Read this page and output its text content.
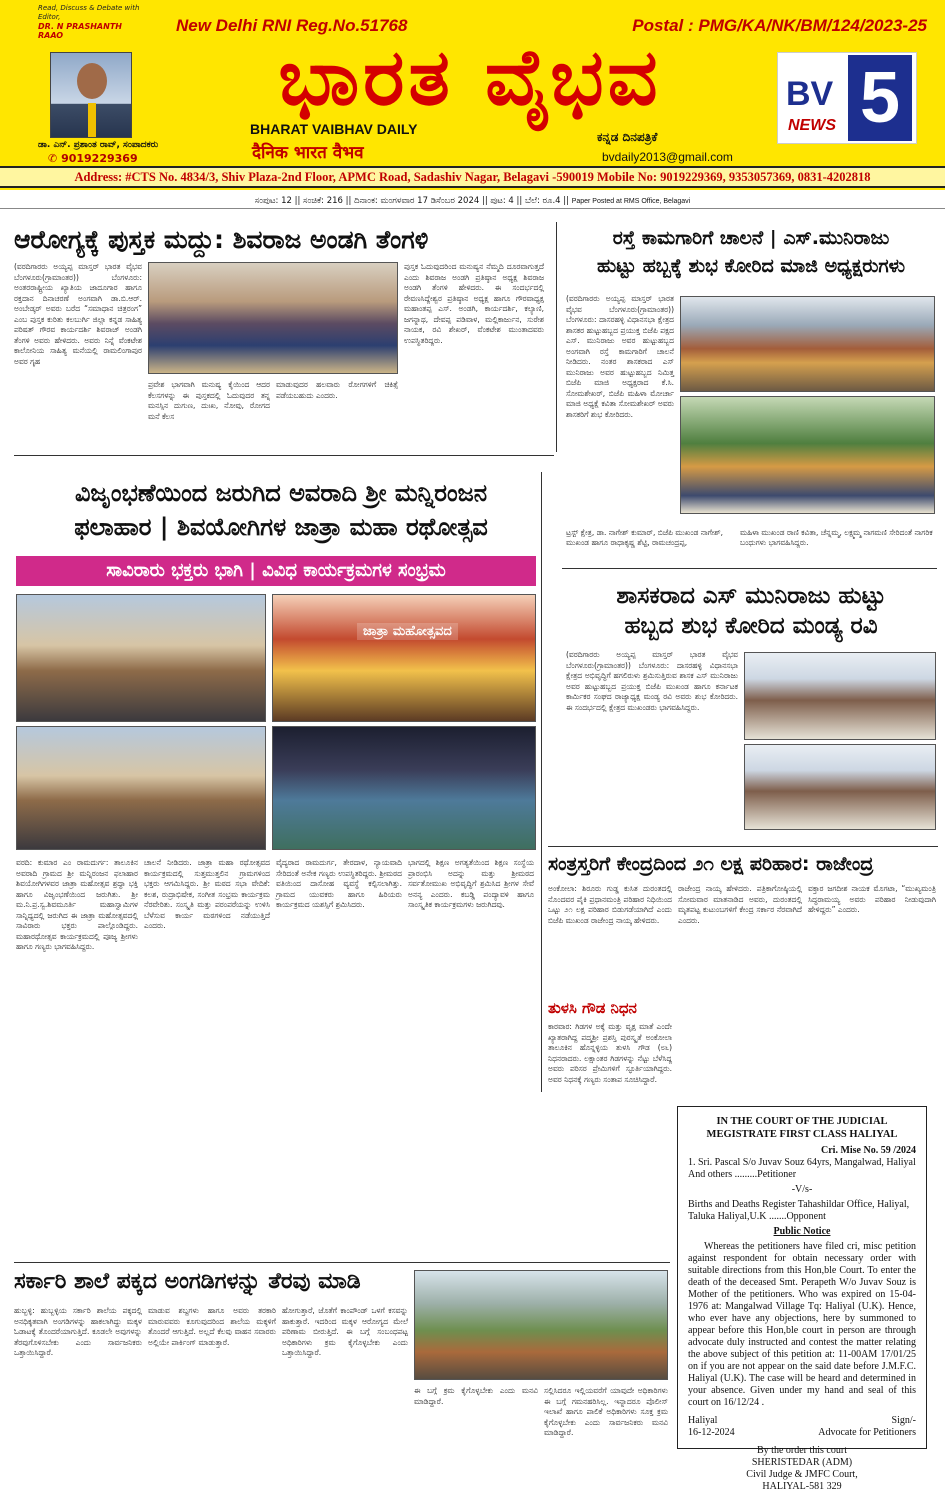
Read, Discuss & Debate with Editor,
DR. N PRASHANTH RAAO
ಡಾ. ಎನ್. ಪ್ರಶಾಂತ ರಾವ್, ಸಂಪಾದಕರು
✆ 9019229369
New Delhi RNI Reg.No.51768	Postal : PMG/KA/NK/BM/124/2023-25
ಭಾರತ ವೈಭವ
BHARAT VAIBHAV DAILY
दैनिक भारत वैभव
ಕನ್ನಡ ದಿನಪತ್ರಿಕೆ
bvdaily2013@gmail.com
BV 5
NEWS
Address: #CTS No. 4834/3, Shiv Plaza-2nd Floor, APMC Road, Sadashiv Nagar, Belagavi -590019 Mobile No: 9019229369, 9353057369, 0831-4202818
ಸಂಪುಟ: 12 || ಸಂಚಿಕೆ: 216 || ದಿನಾಂಕ: ಮಂಗಳವಾರ 17 ಡಿಸೆಂಬರ 2024 || ಪುಟ: 4 || ಬೆಲೆ: ರೂ.4 || Paper Posted at RMS Office, Belagavi
ಆರೋಗ್ಯಕ್ಕೆ ಪುಸ್ತಕ ಮದ್ದು: ಶಿವರಾಜ ಅಂಡಗಿ ತೆಂಗಳಿ
(ವರದಿಗಾರರು ಅಯ್ಯಪ್ಪ ಮಾಸ್ತರ್ ಭಾರತ ವೈಭವ ಬೆಂಗಳೂರು(ಗ್ರಾಮಾಂತರ)) ಬೆಂಗಳೂರು: ಅಂತರರಾಷ್ಟ್ರೀಯ ಖ್ಯಾತಿಯ ಜಾದೂಗಾರ ಹಾಗೂ ರಕ್ತದಾನ ದಿನಾಚರಣೆ ಅಂಗವಾಗಿ ಡಾ.ಬಿ.ಆರ್. ಅಂಬೇಡ್ಕರ್ ಅವರು ಬರೆದ “ಸಮಾಧಾನ ಚಿತ್ರರಂಗ” ಎಂಬ ಪುಸ್ತಕ ಕುರಿತು ಕಲಬುರ್ಗಿ ಜಿಲ್ಲಾ ಕನ್ನಡ ಸಾಹಿತ್ಯ ಪರಿಷತ್ ಗೌರವ ಕಾರ್ಯದರ್ಶಿ ಶಿವರಾಜ್ ಅಂಡಗಿ ತೆಂಗಳಿ ಅವರು ಹೇಳಿದರು. ಅವರು ನಿನ್ನೆ ವೆಂಕಟೇಶ ಕಾಲೋನಿಯ ಸಾಹಿತ್ಯ ಮನೆಯಲ್ಲಿ ರಾಮಲಿಂಗಾಪುರ ಅವರ ಗೃಹ
ಪ್ರವೇಶ ಭಾಗವಾಗಿ ಮನುಷ್ಯ ಕೈಯಿಂದ ಆದರ ಕೆಲಸಗಳನ್ನು ಈ ಪುಸ್ತಕದಲ್ಲಿ ಓದುವುದರ ತನ್ನ ಮನಸ್ಸಿನ ದುಗುಣ, ದುಃಖ, ನೋವು, ರೋಗದ ಮನೆ ಕೆಲಸ
ಮಾಡುವುದರ ಹಲವಾರು ರೋಗಗಳಿಗೆ ಚಿಕಿತ್ಸೆ ಪಡೆಯಬಹುದು ಎಂದರು.
ಪುಸ್ತಕ ಓದುವುದರಿಂದ ಮನುಷ್ಯನ ನೆಮ್ಮದಿ ದೂರವಾಗುತ್ತದೆ ಎಂದು ಶಿವರಾಜ ಅಂಡಗಿ ಪ್ರತಿಷ್ಠಾನ ಅಧ್ಯಕ್ಷ ಶಿವರಾಜ ಅಂಡಗಿ ತೆಂಗಳಿ ಹೇಳಿದರು. ಈ ಸಂದರ್ಭದಲ್ಲಿ ರೇವಣಸಿದ್ದೇಶ್ವರ ಪ್ರತಿಷ್ಠಾನ ಅಧ್ಯಕ್ಷ ಹಾಗೂ ಗೌರವಾಧ್ಯಕ್ಷ ಮಹಾಂತಪ್ಪ ಎಸ್. ಅಂಡಗಿ, ಕಾರ್ಯದರ್ಶಿ, ಕಲ್ಯಾಣಿ, ಜಗನ್ನಾಥ, ದೇವಪ್ಪ ಪಡಿವಾಳ, ಮಲ್ಲಿಕಾರ್ಜುನ, ಸುರೇಶ ನಾಯಕ, ರವಿ ಶೇಖರ್, ವೆಂಕಟೇಶ ಮುಂತಾದವರು ಉಪಸ್ಥಿತರಿದ್ದರು.
ರಸ್ತೆ ಕಾಮಗಾರಿಗೆ ಚಾಲನೆ | ಎಸ್.ಮುನಿರಾಜು
ಹುಟ್ಟು ಹಬ್ಬಕ್ಕೆ ಶುಭ ಕೋರಿದ ಮಾಜಿ ಅಧ್ಯಕ್ಷರುಗಳು
(ವರದಿಗಾರರು ಅಯ್ಯಪ್ಪ ಮಾಸ್ತರ್ ಭಾರತ ವೈಭವ ಬೆಂಗಳೂರು(ಗ್ರಾಮಾಂತರ)) ಬೆಂಗಳೂರು: ದಾಸರಹಳ್ಳಿ ವಿಧಾನಸಭಾ ಕ್ಷೇತ್ರದ ಶಾಸಕರ ಹುಟ್ಟುಹಬ್ಬದ ಪ್ರಯುಕ್ತ ಬಿಜೆಪಿ ಪಕ್ಷದ ಎಸ್. ಮುನಿರಾಜು ಅವರ ಹುಟ್ಟುಹಬ್ಬದ ಅಂಗವಾಗಿ ರಸ್ತೆ ಕಾಮಗಾರಿಗೆ ಚಾಲನೆ ನೀಡಿದರು. ನಂತರ ಶಾಸಕರಾದ ಎಸ್ ಮುನಿರಾಜು ಅವರ ಹುಟ್ಟುಹಬ್ಬದ ನಿಮಿತ್ತ ಬಿಜೆಪಿ ಮಾಜಿ ಅಧ್ಯಕ್ಷರಾದ ಕೆ.ಸಿ. ಸೋಮಶೇಖರ್, ಬಿಜೆಪಿ ಮಹಿಳಾ ಮೋರ್ಚಾ ಮಾಜಿ ಅಧ್ಯಕ್ಷೆ ಕವಿತಾ ಸೋಮಶೇಖರ್ ಅವರು ಶಾಸಕರಿಗೆ ಶುಭ ಕೋರಿದರು.
ಟ್ರಸ್ಟ್ ಕ್ಷೇತ್ರ, ಡಾ. ನಾಗೇಶ್ ಕುಮಾರ್, ಬಿಜೆಪಿ ಮುಖಂಡ ನಾಗೇಶ್, ಮುಖಂಡ ಹಾಗೂ ರಾಧಾಕೃಷ್ಣ ಶೆಟ್ಟಿ, ರಾಮಚಂದ್ರಪ್ಪ,
ಮಹಿಳಾ ಮುಖಂಡ ರಾಣಿ ಕವಿತಾ, ಚೆನ್ನಮ್ಮ, ಲಕ್ಷ್ಮಮ್ಮ ನಾಗಮಣಿ ಸೇರಿದಂತೆ ನಾಗರಿಕ ಬಂಧುಗಳು ಭಾಗವಹಿಸಿದ್ದರು.
ವಿಜೃಂಭಣೆಯಿಂದ ಜರುಗಿದ ಅವರಾದಿ ಶ್ರೀ ಮನ್ನಿರಂಜನ
ಫಲಾಹಾರ | ಶಿವಯೋಗಿಗಳ ಜಾತ್ರಾ ಮಹಾ ರಥೋತ್ಸವ
ಸಾವಿರಾರು ಭಕ್ತರು ಭಾಗಿ | ವಿವಿಧ ಕಾರ್ಯಕ್ರಮಗಳ ಸಂಭ್ರಮ
ಜಾತ್ರಾ ಮಹೋತ್ಸವದ
ವರದಿ: ಕುಮಾರ ಎಂ ರಾಮದುರ್ಗ: ತಾಲೂಕಿನ ಅವರಾದಿ ಗ್ರಾಮದ ಶ್ರೀ ಮನ್ನಿರಂಜನ ಫಲಾಹಾರ ಶಿವಯೋಗಿಗಳವರ ಜಾತ್ರಾ ಮಹೋತ್ಸವ ಶ್ರದ್ಧಾ ಭಕ್ತಿ ಹಾಗೂ ವಿಜೃಂಭಣೆಯಿಂದ ಜರುಗಿತು. ಶ್ರೀ ಮ.ನಿ.ಪ್ರ.ಸ್ವ.ಶಿವಮೂರ್ತಿ ಮಹಾಸ್ವಾಮಿಗಳ ಸಾನ್ನಿಧ್ಯದಲ್ಲಿ ಜರುಗಿದ ಈ ಜಾತ್ರಾ ಮಹೋತ್ಸವದಲ್ಲಿ ಸಾವಿರಾರು ಭಕ್ತರು ಪಾಲ್ಗೊಂಡಿದ್ದರು. ಮಹಾರಥೋತ್ಸವ ಕಾರ್ಯಕ್ರಮದಲ್ಲಿ ಪೂಜ್ಯ ಶ್ರೀಗಳು ಹಾಗೂ ಗಣ್ಯರು ಭಾಗವಹಿಸಿದ್ದರು.
ಚಾಲನೆ ನೀಡಿದರು. ಜಾತ್ರಾ ಮಹಾ ರಥೋತ್ಸವದ ಕಾರ್ಯಕ್ರಮದಲ್ಲಿ ಸುತ್ತಮುತ್ತಲಿನ ಗ್ರಾಮಗಳಿಂದ ಭಕ್ತರು ಆಗಮಿಸಿದ್ದರು. ಶ್ರೀ ಮಠದ ಸಭಾ ವೇದಿಕೆ: ಕಲಶ, ರುದ್ರಾಭಿಷೇಕ, ಸಂಗೀತ ಸಂಭ್ರಮ ಕಾರ್ಯಕ್ರಮ ನೆರವೇರಿತು. ಸಂಸ್ಕೃತಿ ಮತ್ತು ಪರಂಪರೆಯನ್ನು ಉಳಿಸಿ ಬೆಳೆಸುವ ಕಾರ್ಯ ಮಠಗಳಿಂದ ನಡೆಯುತ್ತಿದೆ ಎಂದರು.
ವೈದ್ಯರಾದ ರಾಮದುರ್ಗ, ತೇರದಾಳ, ನ್ಯಾಯವಾದಿ ಸೇರಿದಂತೆ ಅನೇಕ ಗಣ್ಯರು ಉಪಸ್ಥಿತರಿದ್ದರು. ಶ್ರೀಮಠದ ವತಿಯಿಂದ ದಾಸೋಹ ವ್ಯವಸ್ಥೆ ಕಲ್ಪಿಸಲಾಗಿತ್ತು. ಗ್ರಾಮದ ಯುವಕರು ಹಾಗೂ ಹಿರಿಯರು ಕಾರ್ಯಕ್ರಮದ ಯಶಸ್ಸಿಗೆ ಶ್ರಮಿಸಿದರು.
ಭಾಗದಲ್ಲಿ ಶಿಕ್ಷಣ ಅಗತ್ಯತೆಯಿಂದ ಶಿಕ್ಷಣ ಸಂಸ್ಥೆಯ ಪ್ರಾರಂಭಿಸಿ ಅದನ್ನು ಮತ್ತು ಶ್ರೀಮಠದ ಸರ್ವತೋಮುಖ ಅಭಿವೃದ್ಧಿಗೆ ಶ್ರಮಿಸಿದ ಶ್ರೀಗಳ ಸೇವೆ ಅನನ್ಯ ಎಂದರು. ಕಬಡ್ಡಿ ಪಂದ್ಯಾವಳಿ ಹಾಗೂ ಸಾಂಸ್ಕೃತಿಕ ಕಾರ್ಯಕ್ರಮಗಳು ಜರುಗಿದವು.
ಶಾಸಕರಾದ ಎಸ್ ಮುನಿರಾಜು ಹುಟ್ಟು
ಹಬ್ಬದ ಶುಭ ಕೋರಿದ ಮಂಡ್ಯ ರವಿ
(ವರದಿಗಾರರು ಅಯ್ಯಪ್ಪ ಮಾಸ್ತರ್ ಭಾರತ ವೈಭವ ಬೆಂಗಳೂರು(ಗ್ರಾಮಾಂತರ)) ಬೆಂಗಳೂರು: ದಾಸರಹಳ್ಳಿ ವಿಧಾನಸಭಾ ಕ್ಷೇತ್ರದ ಅಭಿವೃದ್ಧಿಗೆ ಹಗಲಿರುಳು ಶ್ರಮಿಸುತ್ತಿರುವ ಶಾಸಕ ಎಸ್ ಮುನಿರಾಜು ಅವರ ಹುಟ್ಟುಹಬ್ಬದ ಪ್ರಯುಕ್ತ ಬಿಜೆಪಿ ಮುಖಂಡ ಹಾಗೂ ಕರ್ನಾಟಕ ಕಾರ್ಮಿಕರ ಸಂಘದ ರಾಜ್ಯಾಧ್ಯಕ್ಷ ಮಂಡ್ಯ ರವಿ ಅವರು ಶುಭ ಕೋರಿದರು. ಈ ಸಂದರ್ಭದಲ್ಲಿ ಕ್ಷೇತ್ರದ ಮುಖಂಡರು ಭಾಗವಹಿಸಿದ್ದರು.
ಸಂತ್ರಸ್ತರಿಗೆ ಕೇಂದ್ರದಿಂದ ೨೧ ಲಕ್ಷ ಪರಿಹಾರ: ರಾಜೇಂದ್ರ
ಅಂಕೋಲಾ: ಶಿರೂರು ಗುಡ್ಡ ಕುಸಿತ ದುರಂತದಲ್ಲಿ ನೊಂದವರ ಪೈಕಿ ಪ್ರಧಾನಮಂತ್ರಿ ಪರಿಹಾರ ನಿಧಿಯಿಂದ ಒಟ್ಟು ೨೧ ಲಕ್ಷ ಪರಿಹಾರ ಬಿಡುಗಡೆಯಾಗಿದೆ ಎಂದು ಬಿಜೆಪಿ ಮುಖಂಡ ರಾಜೇಂದ್ರ ನಾಯ್ಕ ಹೇಳಿದರು.
ರಾಜೇಂದ್ರ ನಾಯ್ಕ ಹೇಳಿದರು. ಪತ್ರಿಕಾಗೋಷ್ಠಿಯಲ್ಲಿ ಸೋಮವಾರ ಮಾತನಾಡಿದ ಅವರು, ದುರಂತದಲ್ಲಿ ಮೃತಪಟ್ಟ ಕುಟುಂಬಗಳಿಗೆ ಕೇಂದ್ರ ಸರ್ಕಾರ ನೆರವಾಗಿದೆ ಎಂದರು.
ವಕ್ತಾರ ಜಗದೀಶ ನಾಯಕ ಮೊಗಟಾ, “ಮುಖ್ಯಮಂತ್ರಿ ಸಿದ್ಧರಾಮಯ್ಯ ಅವರು ಪರಿಹಾರ ನೀಡುವುದಾಗಿ ಹೇಳಿದ್ದರು” ಎಂದರು.
ತುಳಸಿ ಗೌಡ ನಿಧನ
ಕಾರವಾರ: ಗಿಡಗಳ ಅಕ್ಕೆ ಮತ್ತು ವೃಕ್ಷ ಮಾತೆ ಎಂದೇ ಖ್ಯಾತರಾಗಿದ್ದ ಪದ್ಮಶ್ರೀ ಪ್ರಶಸ್ತಿ ಪುರಸ್ಕೃತೆ ಅಂಕೋಲಾ ತಾಲೂಕಿನ ಹೊನ್ನಳ್ಳಿಯ ತುಳಸಿ ಗೌಡ (೮೬) ನಿಧನರಾದರು. ಲಕ್ಷಾಂತರ ಗಿಡಗಳನ್ನು ನೆಟ್ಟು ಬೆಳೆಸಿದ್ದ ಅವರು ಪರಿಸರ ಪ್ರೇಮಿಗಳಿಗೆ ಸ್ಫೂರ್ತಿಯಾಗಿದ್ದರು. ಅವರ ನಿಧನಕ್ಕೆ ಗಣ್ಯರು ಸಂತಾಪ ಸೂಚಿಸಿದ್ದಾರೆ.
IN THE COURT OF THE JUDICIAL MEGISTRATE FIRST CLASS HALIYAL
Cri. Mise No. 59 /2024
1. Sri. Pascal S/o Juvav Souz 64yrs, Mangalwad, Haliyal And others .........Petitioner
-V/s-
Births and Deaths Register Tahashildar Office, Haliyal, Taluka Haliyal,U.K .......Opponent
Public Notice
Whereas the petitioners have filed cri, misc petition against respondent for obtain necessary order with suitable directions from this Hon,ble Court. To enter the death of the deceased Smt. Perapeth W/o Juvav Souz is Mother of the petitioners. Who was expired on 15-04-1976 at: Mangalwad Village Tq: Haliyal (U.K). Hence, who ever have any objections, here by summoned to appear before this Hon,ble court in person are through advocate duly instructed and contest the matter relating the above subject of this petition at: 11-00AM 17/01/25 on if you are not appear on the said date before J.M.F.C. Haliyal (U.K). The case will be heard and determined in your absence. Given under my hand and seal of this court on 16/12/24 .
Haliyal	Sign/-
16-12-2024	Advocate for Petitioners
By the order this court
SHERISTEDAR (ADM)
Civil Judge & JMFC Court,
HALIYAL-581 329
ಸರ್ಕಾರಿ ಶಾಲೆ ಪಕ್ಕದ ಅಂಗಡಿಗಳನ್ನು ತೆರವು ಮಾಡಿ
ಹುಬ್ಬಳ್ಳಿ: ಹುಬ್ಬಳ್ಳಿಯ ಸರ್ಕಾರಿ ಶಾಲೆಯ ಪಕ್ಕದಲ್ಲಿ ಅನಧಿಕೃತವಾಗಿ ಅಂಗಡಿಗಳನ್ನು ಹಾಕಲಾಗಿದ್ದು ಮಕ್ಕಳ ಓಡಾಟಕ್ಕೆ ತೊಂದರೆಯಾಗುತ್ತಿದೆ. ಕೂಡಲೇ ಅವುಗಳನ್ನು ತೆರವುಗೊಳಿಸಬೇಕು ಎಂದು ಸಾರ್ವಜನಿಕರು ಒತ್ತಾಯಿಸಿದ್ದಾರೆ.
ಮಾಡುವ ಶಬ್ದಗಳು ಹಾಗೂ ಅವರು ತರಕಾರಿ ಮಾರುವವರು ಕೂಗುವುದರಿಂದ ಶಾಲೆಯ ಮಕ್ಕಳಿಗೆ ತೊಂದರೆ ಆಗುತ್ತಿದೆ. ಅಲ್ಲದೆ ಕೆಲವು ವಾಹನ ಸವಾರರು ಅಲ್ಲಿಯೇ ಪಾರ್ಕಿಂಗ್ ಮಾಡುತ್ತಾರೆ.
ಹೋಗುತ್ತಾರೆ, ಜೊತೆಗೆ ಕಾಂಪೌಂಡ್ ಒಳಗೆ ಕಸವನ್ನು ಹಾಕುತ್ತಾರೆ. ಇದರಿಂದ ಮಕ್ಕಳ ಆರೋಗ್ಯದ ಮೇಲೆ ಪರಿಣಾಮ ಬೀರುತ್ತಿದೆ. ಈ ಬಗ್ಗೆ ಸಂಬಂಧಪಟ್ಟ ಅಧಿಕಾರಿಗಳು ಕ್ರಮ ಕೈಗೊಳ್ಳಬೇಕು ಎಂದು ಒತ್ತಾಯಿಸಿದ್ದಾರೆ.
ಈ ಬಗ್ಗೆ ಕ್ರಮ ಕೈಗೊಳ್ಳಬೇಕು ಎಂದು ಮನವಿ ಮಾಡಿದ್ದಾರೆ.
ಸಲ್ಲಿಸಿದರೂ ಇಲ್ಲಿಯವರೆಗೆ ಯಾವುದೇ ಅಧಿಕಾರಿಗಳು ಈ ಬಗ್ಗೆ ಗಮನಹರಿಸಿಲ್ಲ. ಇನ್ನಾದರೂ ಪೊಲೀಸ್ ಇಲಾಖೆ ಹಾಗೂ ಪಾಲಿಕೆ ಅಧಿಕಾರಿಗಳು ಸೂಕ್ತ ಕ್ರಮ ಕೈಗೊಳ್ಳಬೇಕು ಎಂದು ಸಾರ್ವಜನಿಕರು ಮನವಿ ಮಾಡಿದ್ದಾರೆ.
